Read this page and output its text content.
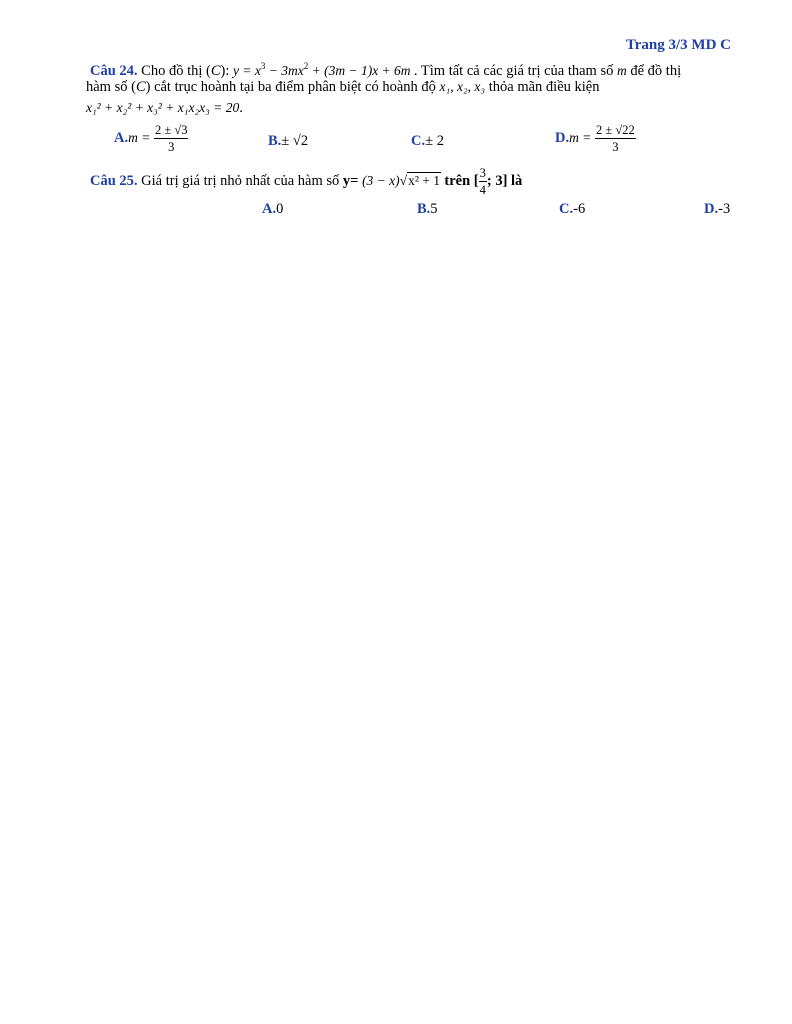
Trang 3/3 MD C
Câu 24. Cho đồ thị (C): $y = x^3 - 3mx^2 + (3m - 1)x + 6m$ . Tìm tất cả các giá trị của tham số m để đồ thị
hàm số (C) cắt trục hoành tại ba điểm phân biệt có hoành độ x₁, x₂, x₃ thỏa mãn điều kiện
x₁² + x₂² + x₃² + x₁x₂x₃ = 20.
$A.m = \frac{2 \pm √3}{3}$	B.± √2	C.± 2	$D.m = \frac{2 \pm √22}{3}$
Câu 25. Giá trị giá trị nhỏ nhất của hàm số y= (3 − x)√x² + 1 trên [ $\frac{3}{4}$ ; 3] là
A.0	B.5	C.-6	D.-3
